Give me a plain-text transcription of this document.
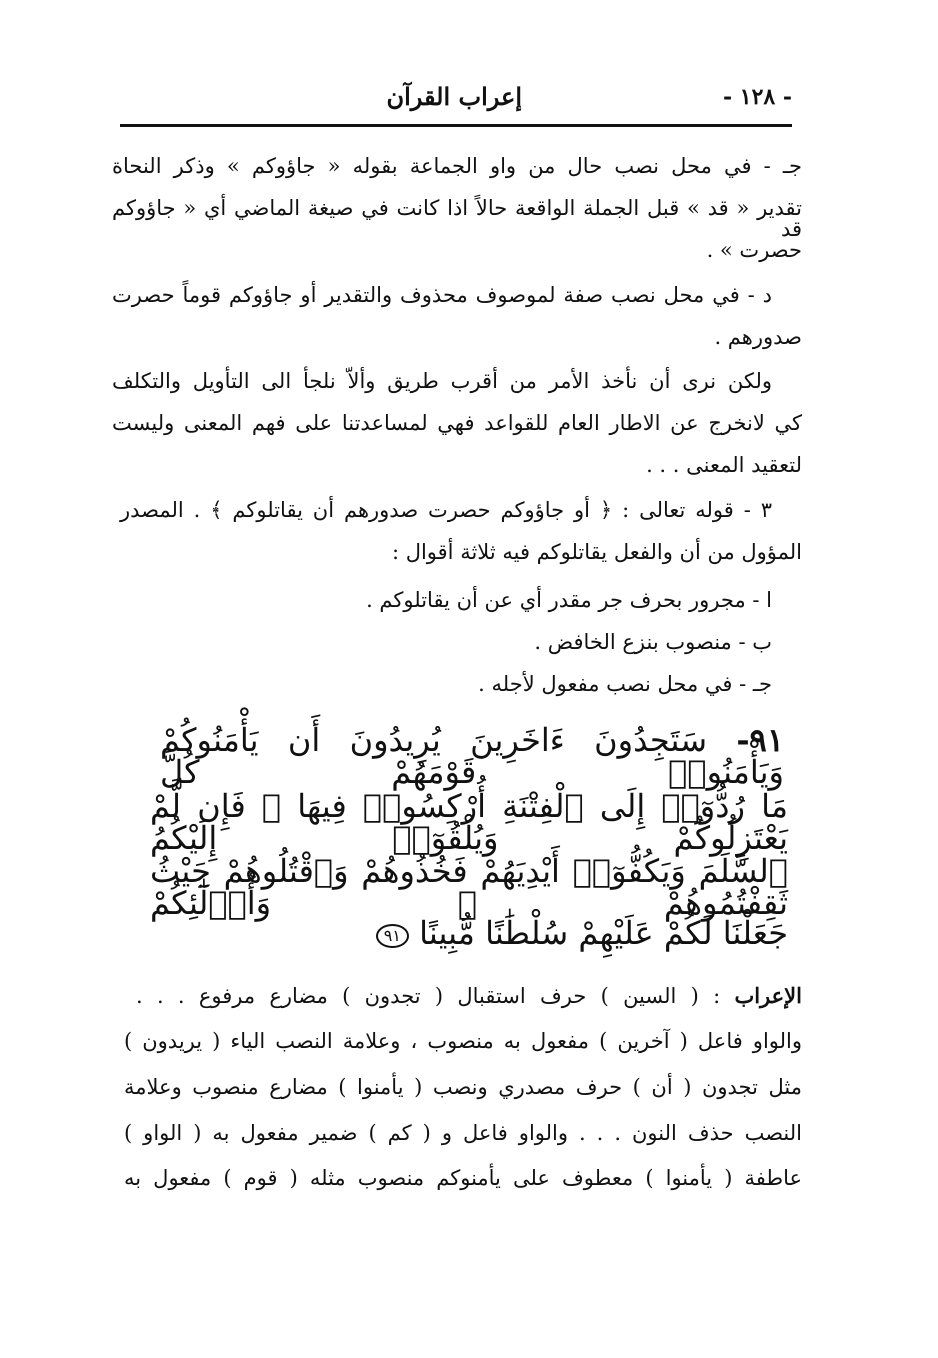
- ١٢٨ -
إعراب القرآن
جـ - في محل نصب حال من واو الجماعة بقوله « جاؤوكم » وذكر النحاة
تقدير « قد » قبل الجملة الواقعة حالاً اذا كانت في صيغة الماضي أي « جاؤوكم قد
حصرت » .
د - في محل نصب صفة لموصوف محذوف والتقدير أو جاؤوكم قوماً حصرت
صدورهم .
ولكن نرى أن نأخذ الأمر من أقرب طريق وألاّ نلجأ الى التأويل والتكلف
كي لانخرج عن الاطار العام للقواعد فهي لمساعدتنا على فهم المعنى وليست
لتعقيد المعنى . . .
٣ - قوله تعالى : ﴿ أو جاؤوكم حصرت صدورهم أن يقاتلوكم ﴾ . المصدر
المؤول من أن والفعل يقاتلوكم فيه ثلاثة أقوال :
ا - مجرور بحرف جر مقدر أي عن أن يقاتلوكم .
ب - منصوب بنزع الخافض .
جـ - في محل نصب مفعول لأجله .
٩١- سَتَجِدُونَ ءَاخَرِينَ يُرِيدُونَ أَن يَأْمَنُوكُمْ وَيَأْمَنُوا۟ قَوْمَهُمْ كُلَّ
مَا رُدُّوٓا۟ إِلَى ٱلْفِتْنَةِ أُرْكِسُوا۟ فِيهَا ۚ فَإِن لَّمْ يَعْتَزِلُوكُمْ وَيُلْقُوٓا۟ إِلَيْكُمُ
ٱلسَّلَمَ وَيَكُفُّوٓا۟ أَيْدِيَهُمْ فَخُذُوهُمْ وَٱقْتُلُوهُمْ حَيْثُ ثَقِفْتُمُوهُمْ ۚ وَأُو۟لَٰٓئِكُمْ
جَعَلْنَا لَكُمْ عَلَيْهِمْ سُلْطَٰنًا مُّبِينًا ٩١
الإعراب : ( السين ) حرف استقبال ( تجدون ) مضارع مرفوع . . .
والواو فاعل ( آخرين ) مفعول به منصوب ، وعلامة النصب الياء ( يريدون )
مثل تجدون ( أن ) حرف مصدري ونصب ( يأمنوا ) مضارع منصوب وعلامة
النصب حذف النون . . . والواو فاعل و ( كم ) ضمير مفعول به ( الواو )
عاطفة ( يأمنوا ) معطوف على يأمنوكم منصوب مثله ( قوم ) مفعول به
